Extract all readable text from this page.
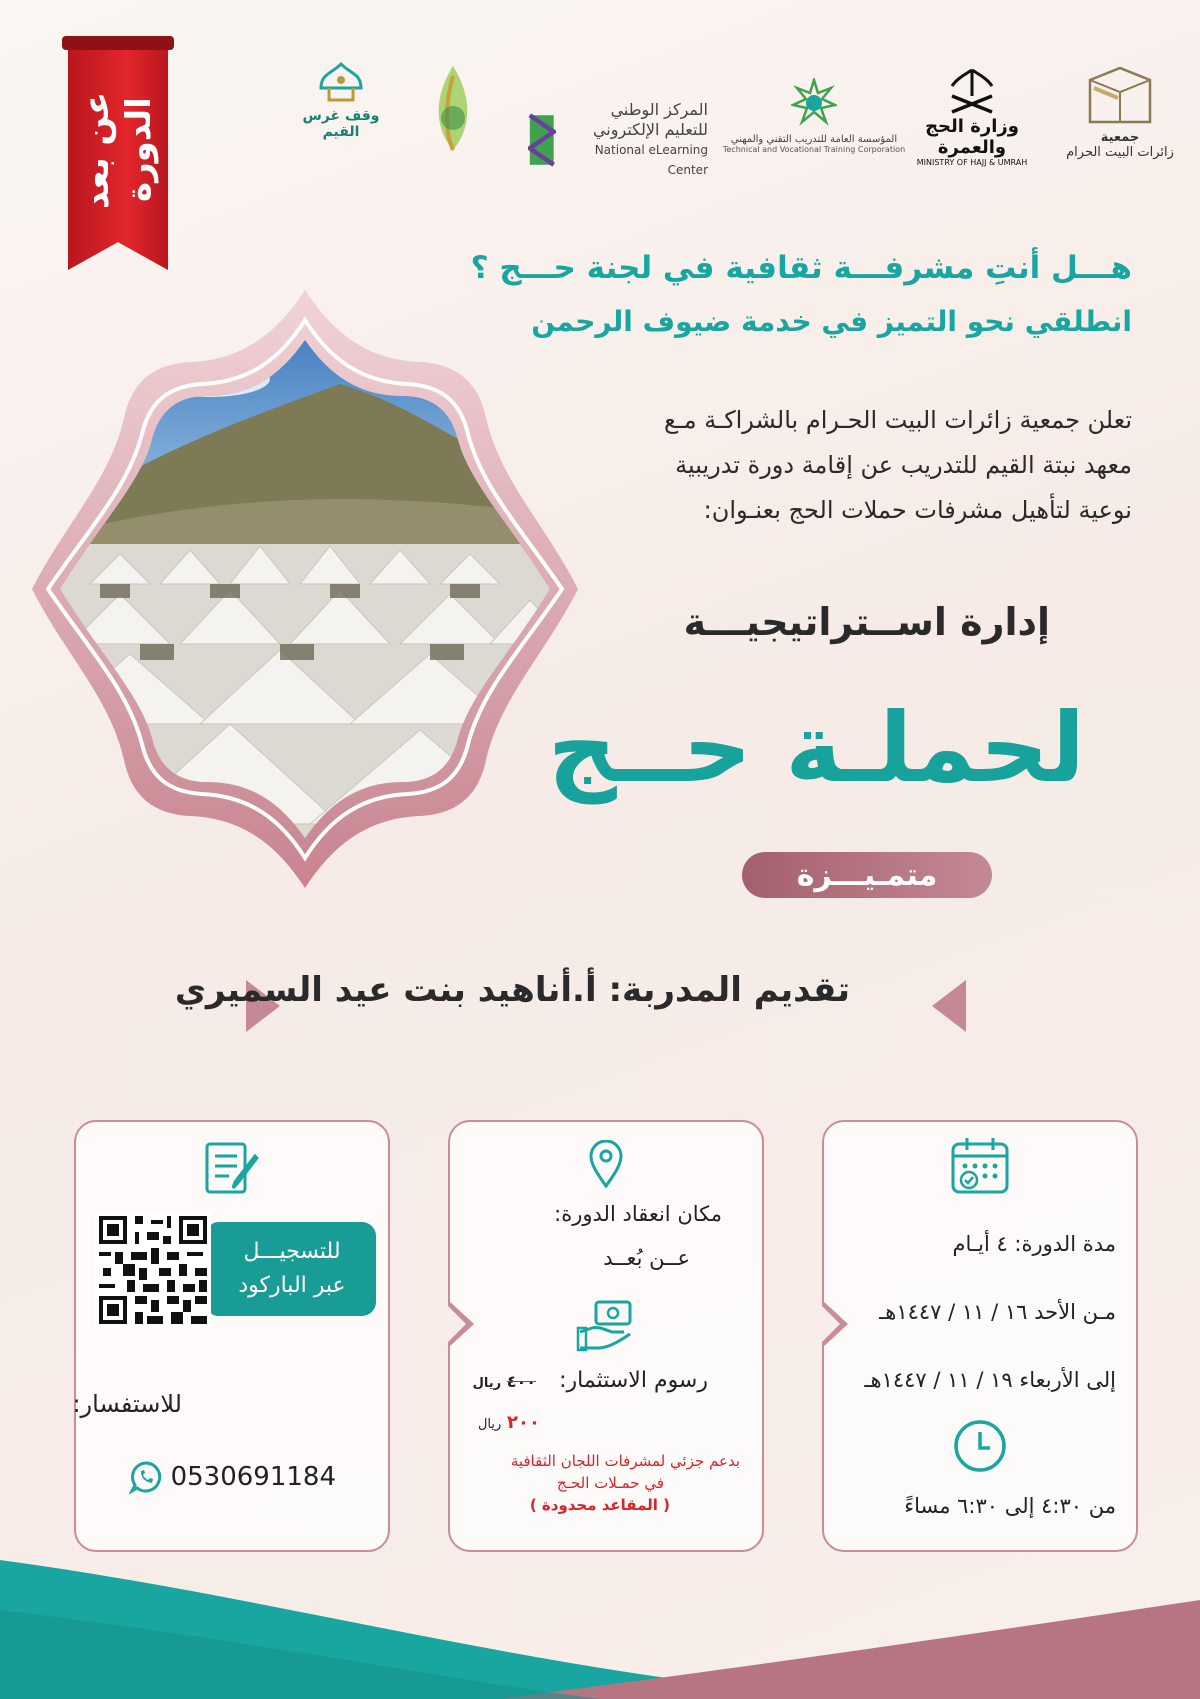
عن بعد الدورة	وقف غرس القيم
المركز الوطني
للتعليم الإلكتروني
National eLearning Center
المؤسسة العامة للتدريب التقني والمهني
Technical and Vocational Training Corporation
وزارة الحج والعمرة
MINISTRY OF HAJJ & UMRAH
جمعية
زائرات البيت الحرام
هـــل أنتِ مشرفـــة ثقافية في لجنة حـــج ؟
انطلقي نحو التميز في خدمة ضيوف الرحمن
تعلن جمعية زائرات البيت الحـرام بالشراكـة مـع
معهد نبتة القيم للتدريب عن إقامة دورة تدريبية
نوعية لتأهيل مشرفات حملات الحج بعنـوان:
إدارة اســتراتيجيـــة
لحملـة حــج
متمـيـــزة
تقديم المدربة: أ.أناهيد بنت عيد السميري
مدة الدورة: ٤ أيـام
مـن الأحد ١٦ / ١١ / ١٤٤٧هـ
إلى الأربعاء ١٩ / ١١ / ١٤٤٧هـ
من ٤:٣٠ إلى ٦:٣٠ مساءً
مكان انعقاد الدورة:
عــن بُعــد
رسوم الاستثمار:
٤٠٠ ريال
٢٠٠ ريال
بدعم جزئي لمشرفات اللجان الثقافية
في حمـلات الحـج
( المقاعد محدودة )
للاستفسار:
0530691184
للتسجيـــل
عبر الباركود
